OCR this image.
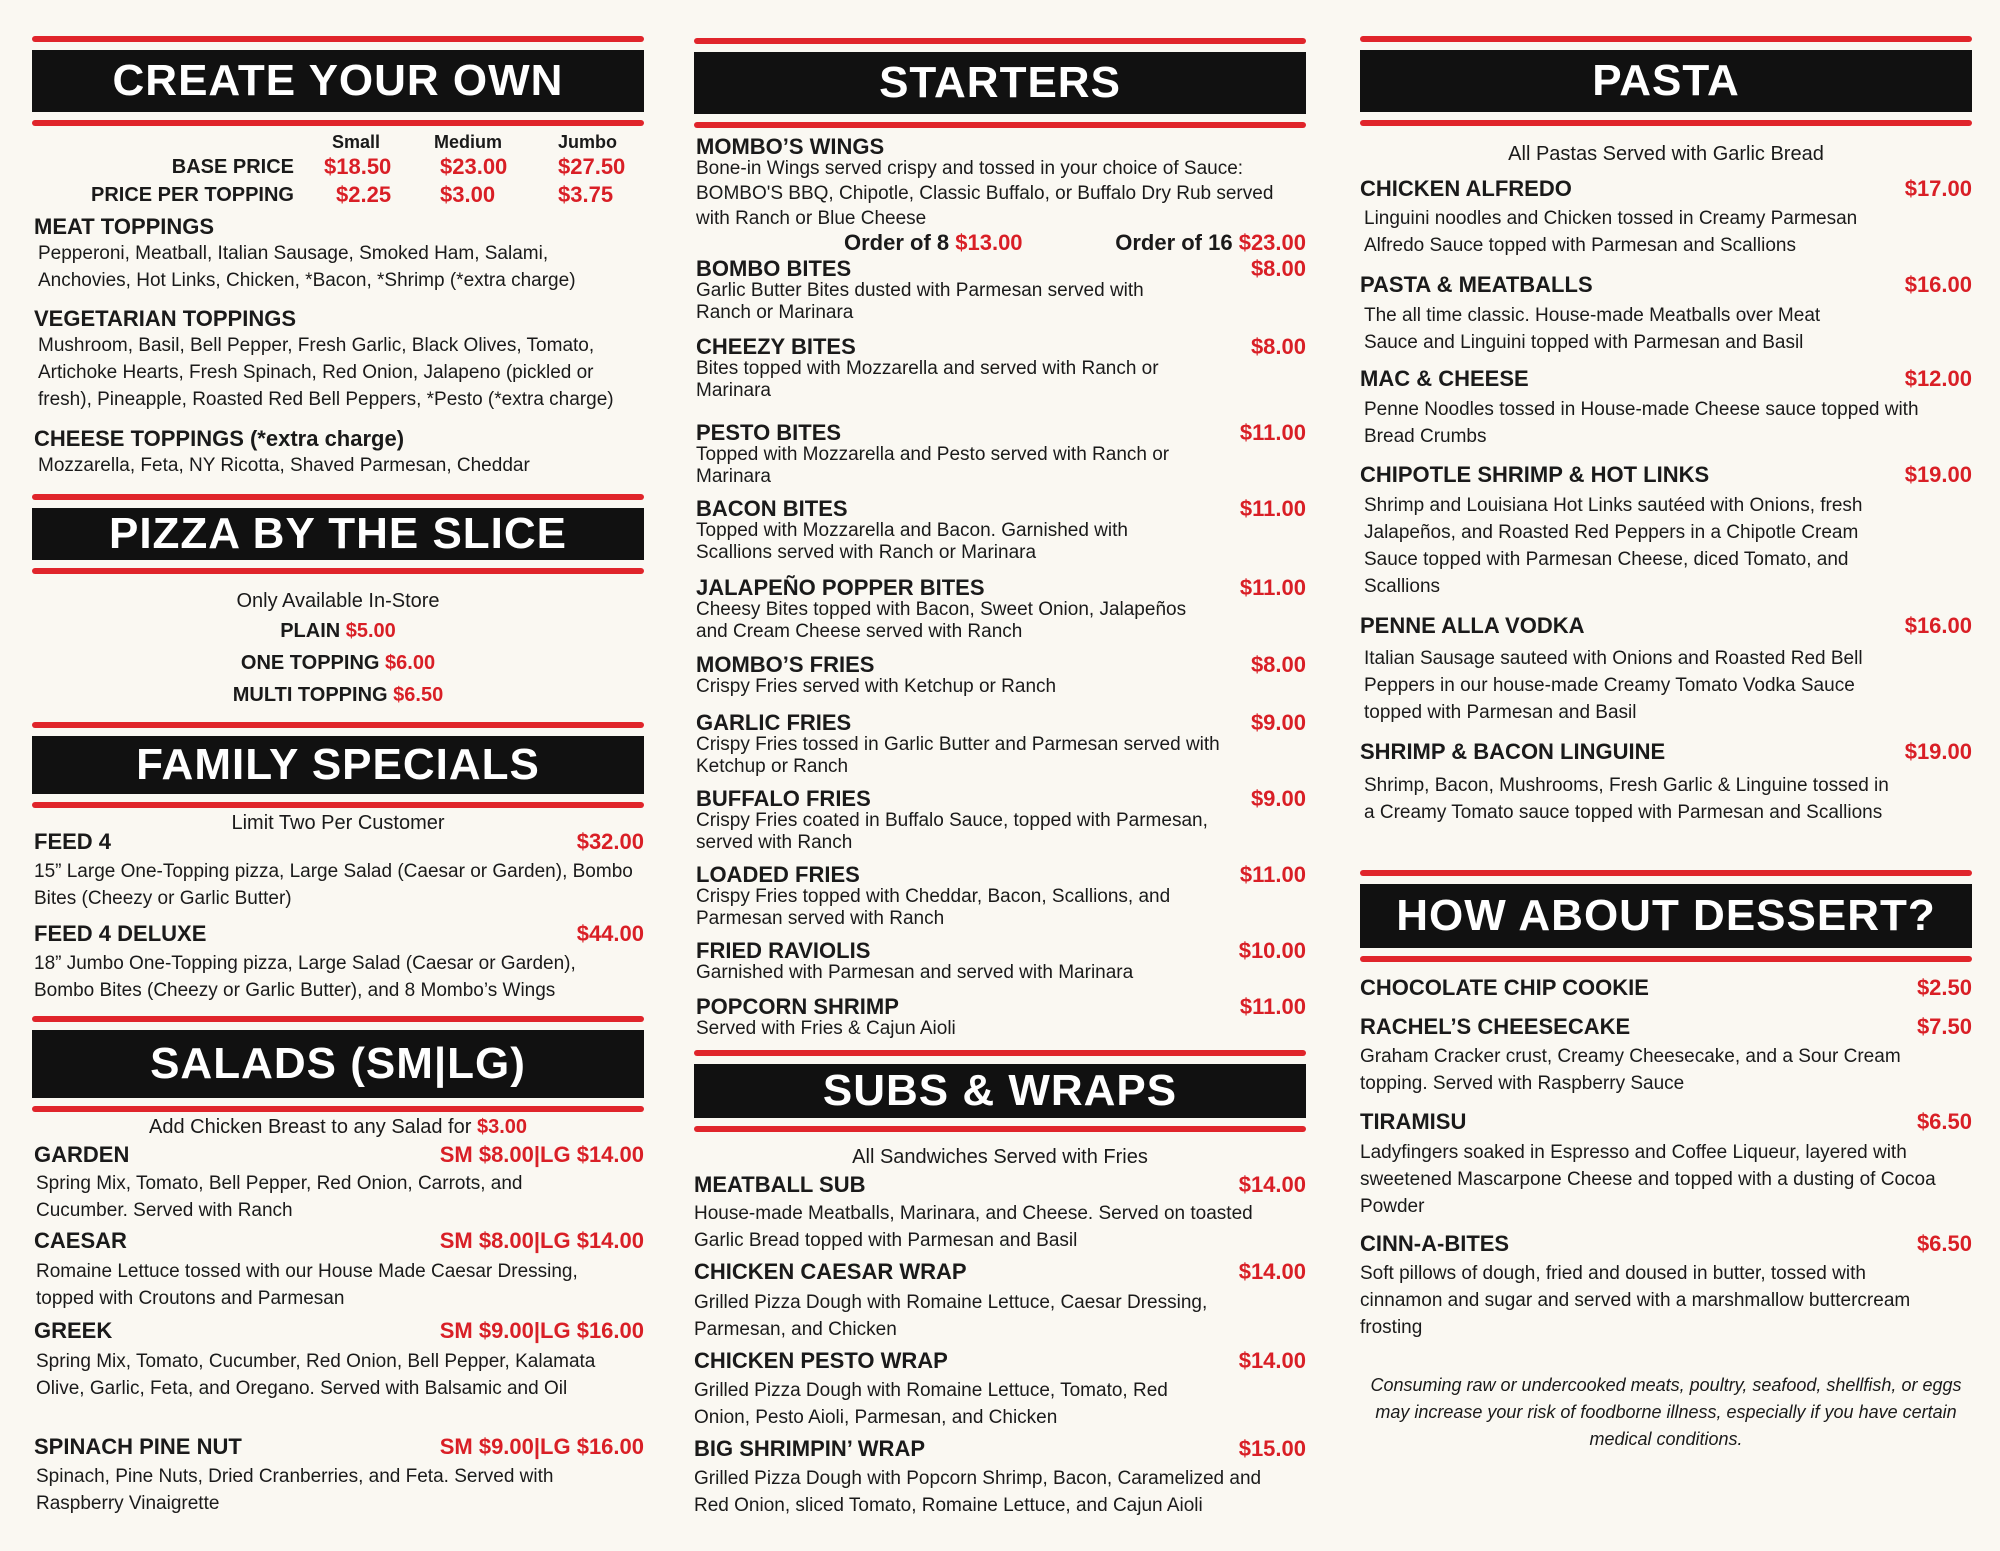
CREATE YOUR OWN
Small	Medium	Jumbo
BASE PRICE $18.50 $23.00 $27.50
PRICE PER TOPPING $2.25 $3.00	$3.75
MEAT TOPPINGS
Pepperoni, Meatball, Italian Sausage, Smoked Ham, Salami, Anchovies, Hot Links, Chicken, *Bacon, *Shrimp (*extra charge)
VEGETARIAN TOPPINGS
Mushroom, Basil, Bell Pepper, Fresh Garlic, Black Olives, Tomato, Artichoke Hearts, Fresh Spinach, Red Onion, Jalapeno (pickled or fresh), Pineapple, Roasted Red Bell Peppers, *Pesto (*extra charge)
CHEESE TOPPINGS (*extra charge)
Mozzarella, Feta, NY Ricotta, Shaved Parmesan, Cheddar
PIZZA BY THE SLICE
Only Available In-Store
PLAIN $5.00
ONE TOPPING $6.00
MULTI TOPPING $6.50
FAMILY SPECIALS
Limit Two Per Customer
FEED 4	$32.00
15” Large One-Topping pizza, Large Salad (Caesar or Garden), Bombo Bites (Cheezy or Garlic Butter)
FEED 4 DELUXE	$44.00
18” Jumbo One-Topping pizza, Large Salad (Caesar or Garden), Bombo Bites (Cheezy or Garlic Butter), and 8 Mombo’s Wings
SALADS (SM|LG)
Add Chicken Breast to any Salad for $3.00
GARDEN	SM $8.00|LG $14.00
Spring Mix, Tomato, Bell Pepper, Red Onion, Carrots, and Cucumber. Served with Ranch
CAESAR	SM $8.00|LG $14.00
Romaine Lettuce tossed with our House Made Caesar Dressing, topped with Croutons and Parmesan
GREEK	SM $9.00|LG $16.00
Spring Mix, Tomato, Cucumber, Red Onion, Bell Pepper, Kalamata Olive, Garlic, Feta, and Oregano. Served with Balsamic and Oil
SPINACH PINE NUT	SM $9.00|LG $16.00
Spinach, Pine Nuts, Dried Cranberries, and Feta. Served with Raspberry Vinaigrette
STARTERS
MOMBO’S WINGS
Bone-in Wings served crispy and tossed in your choice of Sauce: BOMBO'S BBQ, Chipotle, Classic Buffalo, or Buffalo Dry Rub served with Ranch or Blue Cheese
Order of 8 $13.00	Order of 16 $23.00
BOMBO BITES	$8.00
Garlic Butter Bites dusted with Parmesan served with Ranch or Marinara
CHEEZY BITES	$8.00
Bites topped with Mozzarella and served with Ranch or Marinara
PESTO BITES	$11.00
Topped with Mozzarella and Pesto served with Ranch or Marinara
BACON BITES	$11.00
Topped with Mozzarella and Bacon. Garnished with Scallions served with Ranch or Marinara
JALAPEÑO POPPER BITES	$11.00
Cheesy Bites topped with Bacon, Sweet Onion, Jalapeños and Cream Cheese served with Ranch
MOMBO’S FRIES	$8.00
Crispy Fries served with Ketchup or Ranch
GARLIC FRIES	$9.00
Crispy Fries tossed in Garlic Butter and Parmesan served with Ketchup or Ranch
BUFFALO FRIES	$9.00
Crispy Fries coated in Buffalo Sauce, topped with Parmesan, served with Ranch
LOADED FRIES	$11.00
Crispy Fries topped with Cheddar, Bacon, Scallions, and Parmesan served with Ranch
FRIED RAVIOLIS	$10.00
Garnished with Parmesan and served with Marinara
POPCORN SHRIMP	$11.00
Served with Fries & Cajun Aioli
SUBS & WRAPS
All Sandwiches Served with Fries
MEATBALL SUB	$14.00
House-made Meatballs, Marinara, and Cheese. Served on toasted Garlic Bread topped with Parmesan and Basil
CHICKEN CAESAR WRAP	$14.00
Grilled Pizza Dough with Romaine Lettuce, Caesar Dressing, Parmesan, and Chicken
CHICKEN PESTO WRAP	$14.00
Grilled Pizza Dough with Romaine Lettuce, Tomato, Red Onion, Pesto Aioli, Parmesan, and Chicken
BIG SHRIMPIN’ WRAP	$15.00
Grilled Pizza Dough with Popcorn Shrimp, Bacon, Caramelized and Red Onion, sliced Tomato, Romaine Lettuce, and Cajun Aioli
PASTA
All Pastas Served with Garlic Bread
CHICKEN ALFREDO	$17.00
Linguini noodles and Chicken tossed in Creamy Parmesan Alfredo Sauce topped with Parmesan and Scallions
PASTA & MEATBALLS	$16.00
The all time classic. House-made Meatballs over Meat Sauce and Linguini topped with Parmesan and Basil
MAC & CHEESE	$12.00
Penne Noodles tossed in House-made Cheese sauce topped with Bread Crumbs
CHIPOTLE SHRIMP & HOT LINKS	$19.00
Shrimp and Louisiana Hot Links sautéed with Onions, fresh Jalapeños, and Roasted Red Peppers in a Chipotle Cream Sauce topped with Parmesan Cheese, diced Tomato, and Scallions
PENNE ALLA VODKA	$16.00
Italian Sausage sauteed with Onions and Roasted Red Bell Peppers in our house-made Creamy Tomato Vodka Sauce topped with Parmesan and Basil
SHRIMP & BACON LINGUINE	$19.00
Shrimp, Bacon, Mushrooms, Fresh Garlic & Linguine tossed in a Creamy Tomato sauce topped with Parmesan and Scallions
HOW ABOUT DESSERT?
CHOCOLATE CHIP COOKIE	$2.50
RACHEL’S CHEESECAKE	$7.50
Graham Cracker crust, Creamy Cheesecake, and a Sour Cream topping. Served with Raspberry Sauce
TIRAMISU	$6.50
Ladyfingers soaked in Espresso and Coffee Liqueur, layered with sweetened Mascarpone Cheese and topped with a dusting of Cocoa Powder
CINN-A-BITES	$6.50
Soft pillows of dough, fried and doused in butter, tossed with cinnamon and sugar and served with a marshmallow buttercream frosting
Consuming raw or undercooked meats, poultry, seafood, shellfish, or eggs may increase your risk of foodborne illness, especially if you have certain medical conditions.
